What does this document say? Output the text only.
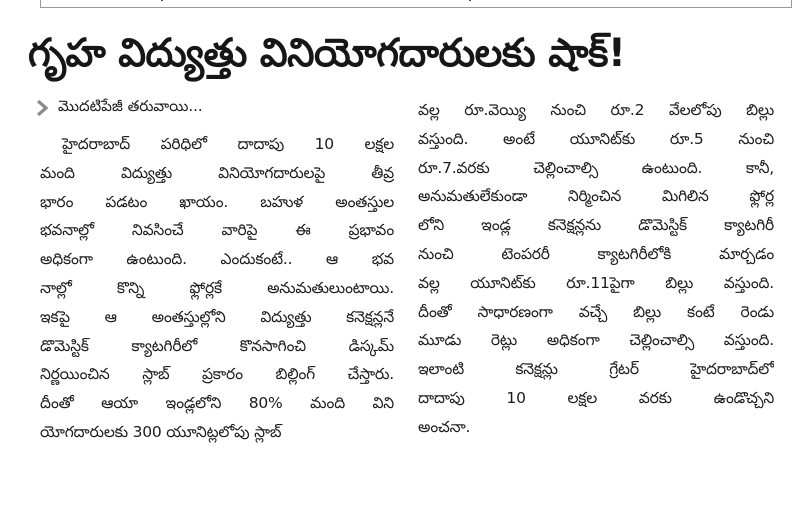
గృహ విద్యుత్తు వినియోగదారులకు షాక్‌!
మొదటిపేజీ తరువాయి...
హైదరాబాద్‌ పరిధిలో దాదాపు 10 లక్షల
మంది విద్యుత్తు వినియోగదారులపై తీవ్ర
భారం పడటం ఖాయం. బహుళ అంతస్తుల
భవనాల్లో నివసించే వారిపై ఈ ప్రభావం
అధికంగా ఉంటుంది. ఎందుకంటే.. ఆ భవ
నాల్లో కొన్ని ఫ్లోర్లకే అనుమతులుంటాయి.
ఇకపై ఆ అంతస్తుల్లోని విద్యుత్తు కనెక్షన్లనే
డొమెస్టిక్‌ క్యాటగిరీలో కొనసాగించి డిస్కమ్‌
నిర్ణయించిన స్లాబ్‌ ప్రకారం బిల్లింగ్‌ చేస్తారు.
దీంతో ఆయా ఇండ్లలోని 80% మంది విని
యోగదారులకు 300 యూనిట్లలోపు స్లాబ్‌
వల్ల రూ.వెయ్యి నుంచి రూ.2 వేలలోపు బిల్లు
వస్తుంది. అంటే యూనిట్‌కు రూ.5 నుంచి
రూ.7.వరకు చెల్లించాల్సి ఉంటుంది. కానీ,
అనుమతులేకుండా నిర్మించిన మిగిలిన ఫ్లోర్ల
లోని ఇండ్ల కనెక్షన్లను డొమెస్టిక్‌ క్యాటగిరీ
నుంచి టెంపరరీ క్యాటగిరీలోకి మార్చడం
వల్ల యూనిట్‌కు రూ.11పైగా బిల్లు వస్తుంది.
దీంతో సాధారణంగా వచ్చే బిల్లు కంటే రెండు
మూడు రెట్లు అధికంగా చెల్లించాల్సి వస్తుంది.
ఇలాంటి కనెక్షన్లు గ్రేటర్‌ హైదరాబాద్‌లో
దాదాపు 10 లక్షల వరకు ఉండొచ్చని
అంచనా.
